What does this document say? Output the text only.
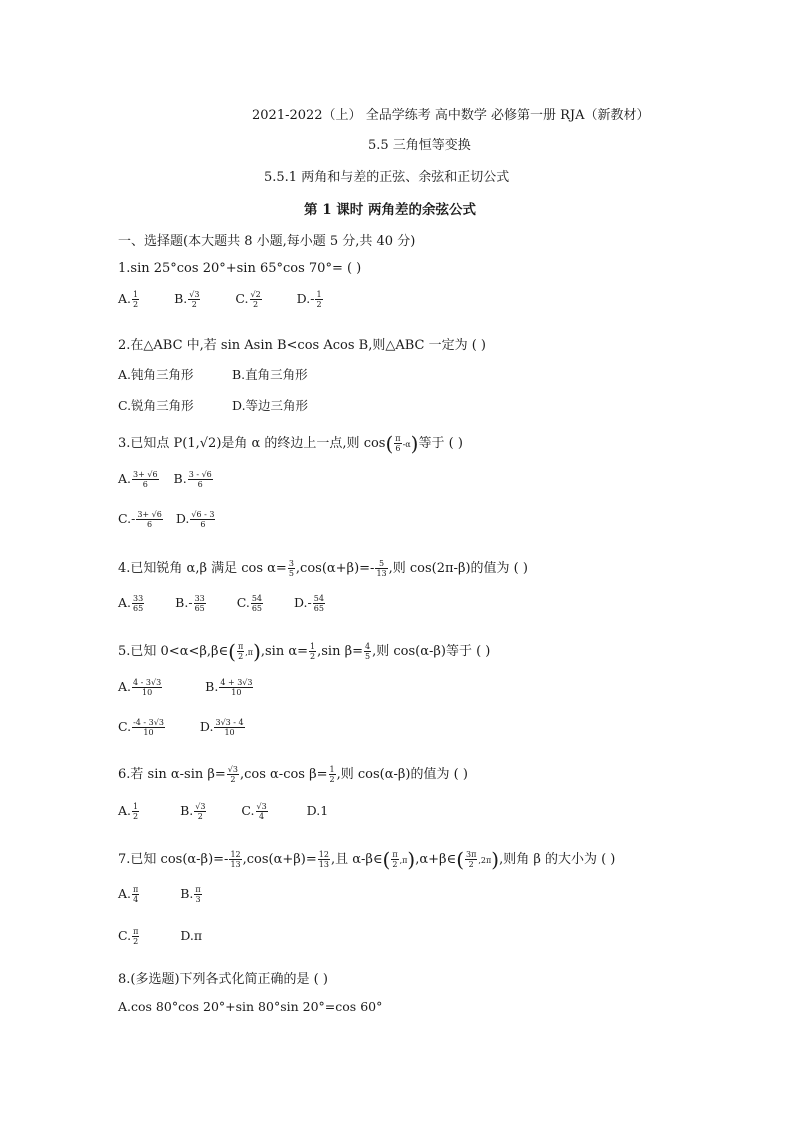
2021-2022（上） 全品学练考 高中数学 必修第一册 RJA（新教材）
5.5 三角恒等变换
5.5.1 两角和与差的正弦、余弦和正切公式
第 1 课时 两角差的余弦公式
一、选择题(本大题共 8 小题,每小题 5 分,共 40 分)
1.sin 25°cos 20°+sin 65°cos 70°= ( )
A. $\frac{1}{2}$	B. $\frac{√3}{2}$	C. $\frac{√2}{2}$	$D.- \frac{1}{2}$
2.在△ABC 中,若 sin Asin B<cos Acos B,则△ABC 一定为 ( )
A.钝角三角形	B.直角三角形
C.锐角三角形	D.等边三角形
3.已知点 P(1,√2)是角 α 的终边上一点,则 $\cos( \frac{\pi}{6} -\alpha)$等于 ( )
A. $\frac{3+ √6}{6} B$. $\frac{3 - √6}{6}$
$C.- \frac{3+ √6}{6} D$. $\frac{√6 - 3}{6}$
4.已知锐角 α,β 满足 $\cos \alpha= \frac{3}{5} ,\cos(\alpha+\beta)=- \frac{5}{13}$ ,则 cos(2π-β)的值为 ( )
A. $\frac{33}{65} B.- \frac{33}{65} C$. $\frac{54}{65} D.- \frac{54}{65}$
5.已知 0<α<β,β∈( $\frac{\pi}{2} ,\pi),\sin$ $\alpha= \frac{1}{2} ,\sin$ $\beta= \frac{4}{5}$ ,则 cos(α-β)等于 ( )
A. $\frac{4 - 3√3}{10}$	B. $\frac{4 + 3√3}{10}$
C. $\frac{-4 - 3√3}{10}$	D. $\frac{3√3 - 4}{10}$
6.若 sin α-sin $\beta= \frac{√3}{2} ,\cos$ α-cos $\beta= \frac{1}{2}$ ,则 cos(α-β)的值为 ( )
A. $\frac{1}{2}$	B. $\frac{√3}{2}$	C. $\frac{√3}{4}$	D.1
7.已知 $\cos(\alpha-\beta)=- \frac{12}{13} ,\cos(\alpha+\beta)= \frac{12}{13}$ ,且 α-β∈( $\frac{\pi}{2}$ ,π),α+β∈( $\frac{3\pi}{2} ,2\pi$),则角 β 的大小为 ( )
A. $\frac{\pi}{4}$	B. $\frac{\pi}{3}$
C. $\frac{\pi}{2}$	D.π
8.(多选题)下列各式化简正确的是 ( )
A.cos 80°cos 20°+sin 80°sin 20°=cos 60°
